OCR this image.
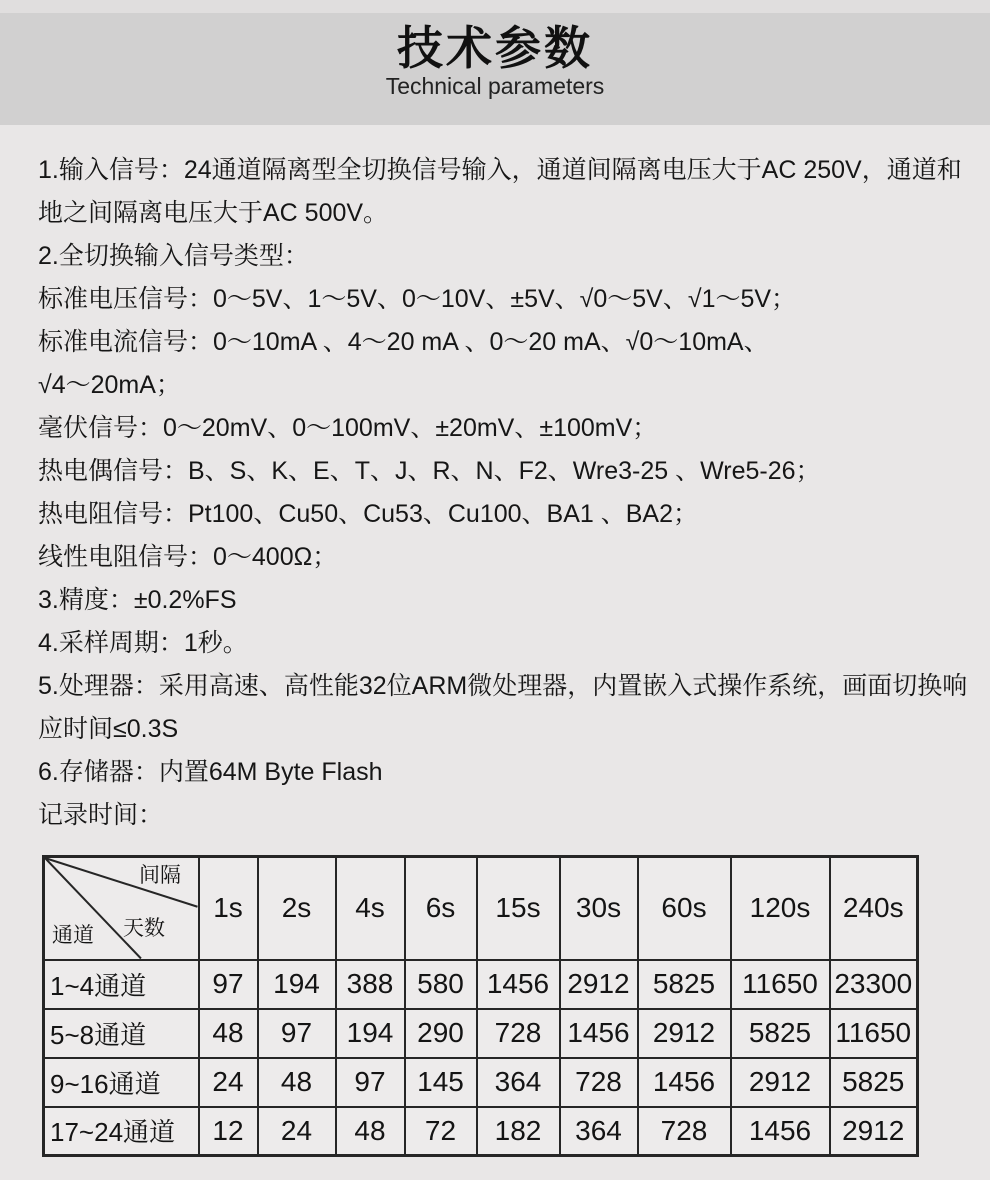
技术参数
Technical parameters
1.输入信号：24通道隔离型全切换信号输入，通道间隔离电压大于AC 250V，通道和
地之间隔离电压大于AC 500V。
2.全切换输入信号类型：
标准电压信号：0～5V、1～5V、0～10V、±5V、√0～5V、√1～5V；
标准电流信号：0～10mA 、4～20 mA 、0～20 mA、√0～10mA、
√4～20mA；
毫伏信号：0～20mV、0～100mV、±20mV、±100mV；
热电偶信号：B、S、K、E、T、J、R、N、F2、Wre3-25 、Wre5-26；
热电阻信号：Pt100、Cu50、Cu53、Cu100、BA1 、BA2；
线性电阻信号：0～400Ω；
3.精度：±0.2%FS
4.采样周期：1秒。
5.处理器：采用高速、高性能32位ARM微处理器，内置嵌入式操作系统，画面切换响
应时间≤0.3S
6.存储器：内置64M Byte Flash
记录时间：
间隔
天数
通道	1s	2s	4s	6s	15s	30s	60s	120s	240s
1~4通道	97	194	388	580	1456	2912	5825	11650	23300
5~8通道	48	97	194	290	728	1456	2912	5825	11650
9~16通道	24	48	97	145	364	728	1456	2912	5825
17~24通道	12	24	48	72	182	364	728	1456	2912
